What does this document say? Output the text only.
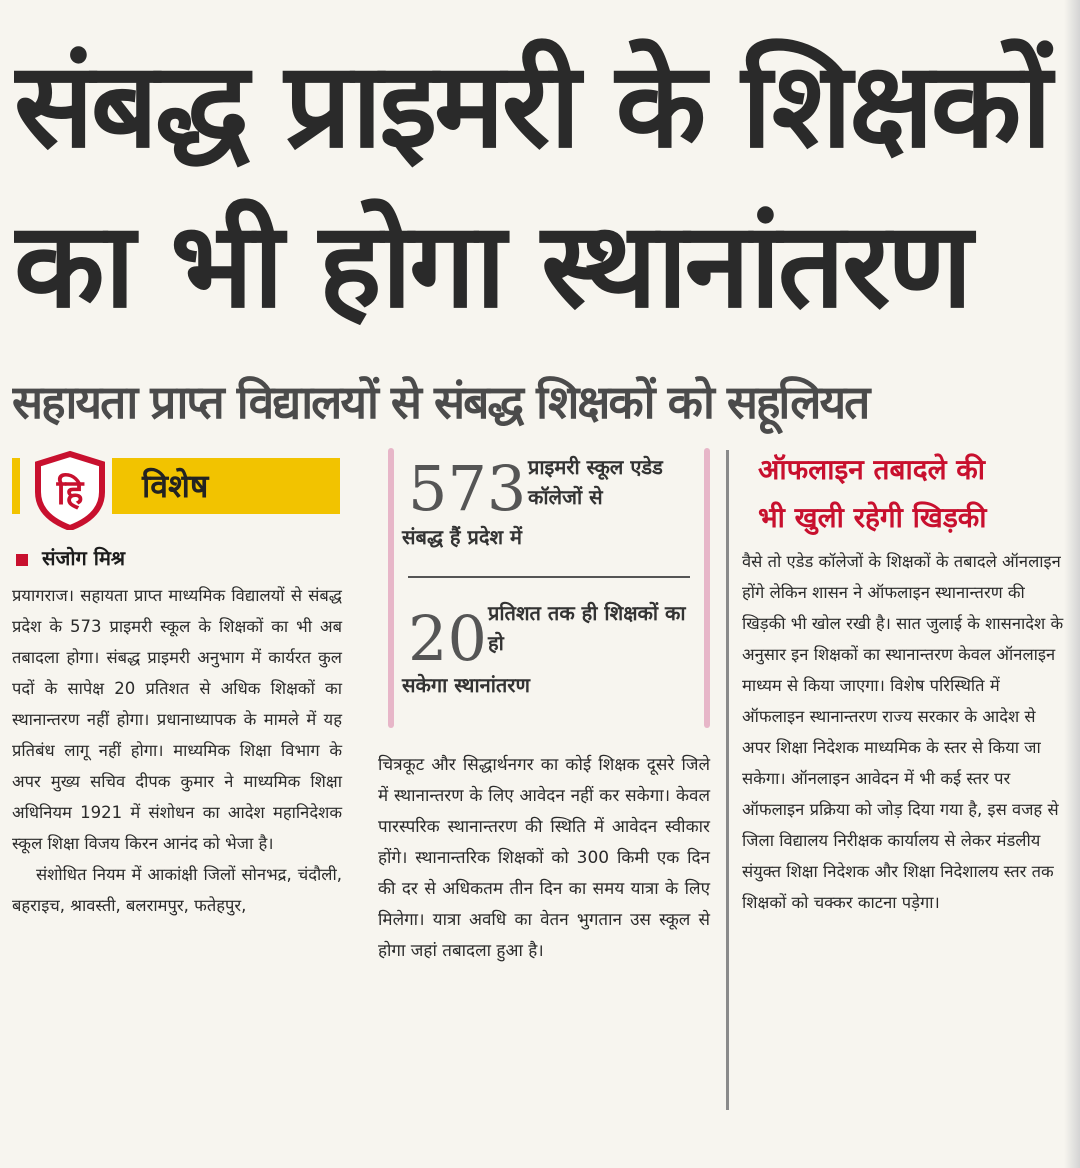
संबद्ध प्राइमरी के शिक्षकों
का भी होगा स्थानांतरण
सहायता प्राप्त विद्यालयों से संबद्ध शिक्षकों को सहूलियत
विशेष
हि
संजोग मिश्र

प्रयागराज। सहायता प्राप्त माध्यमिक विद्यालयों से संबद्ध प्रदेश के 573 प्राइमरी स्कूल के शिक्षकों का भी अब तबादला होगा। संबद्ध प्राइमरी अनुभाग में कार्यरत कुल पदों के सापेक्ष 20 प्रतिशत से अधिक शिक्षकों का स्थानान्तरण नहीं होगा। प्रधानाध्यापक के मामले में यह प्रतिबंध लागू नहीं होगा। माध्यमिक शिक्षा विभाग के अपर मुख्य सचिव दीपक कुमार ने माध्यमिक शिक्षा अधिनियम 1921 में संशोधन का आदेश महानिदेशक स्कूल शिक्षा विजय किरन आनंद को भेजा है।

संशोधित नियम में आकांक्षी जिलों सोनभद्र, चंदौली, बहराइच, श्रावस्ती, बलरामपुर, फतेहपुर,

573 प्राइमरी स्कूल एडेड कॉलेजों से
संबद्ध हैं प्रदेश में
20 प्रतिशत तक ही शिक्षकों का हो
सकेगा स्थानांतरण

चित्रकूट और सिद्धार्थनगर का कोई शिक्षक दूसरे जिले में स्थानान्तरण के लिए आवेदन नहीं कर सकेगा। केवल पारस्परिक स्थानान्तरण की स्थिति में आवेदन स्वीकार होंगे। स्थानान्तरिक शिक्षकों को 300 किमी एक दिन की दर से अधिकतम तीन दिन का समय यात्रा के लिए मिलेगा। यात्रा अवधि का वेतन भुगतान उस स्कूल से होगा जहां तबादला हुआ है।

ऑफलाइन तबादले की
भी खुली रहेगी खिड़की

वैसे तो एडेड कॉलेजों के शिक्षकों के तबादले ऑनलाइन होंगे लेकिन शासन ने ऑफलाइन स्थानान्तरण की खिड़की भी खोल रखी है। सात जुलाई के शासनादेश के अनुसार इन शिक्षकों का स्थानान्तरण केवल ऑनलाइन माध्यम से किया जाएगा। विशेष परिस्थिति में ऑफलाइन स्थानान्तरण राज्य सरकार के आदेश से अपर शिक्षा निदेशक माध्यमिक के स्तर से किया जा सकेगा। ऑनलाइन आवेदन में भी कई स्तर पर ऑफलाइन प्रक्रिया को जोड़ दिया गया है, इस वजह से जिला विद्यालय निरीक्षक कार्यालय से लेकर मंडलीय संयुक्त शिक्षा निदेशक और शिक्षा निदेशालय स्तर तक शिक्षकों को चक्कर काटना पड़ेगा।
